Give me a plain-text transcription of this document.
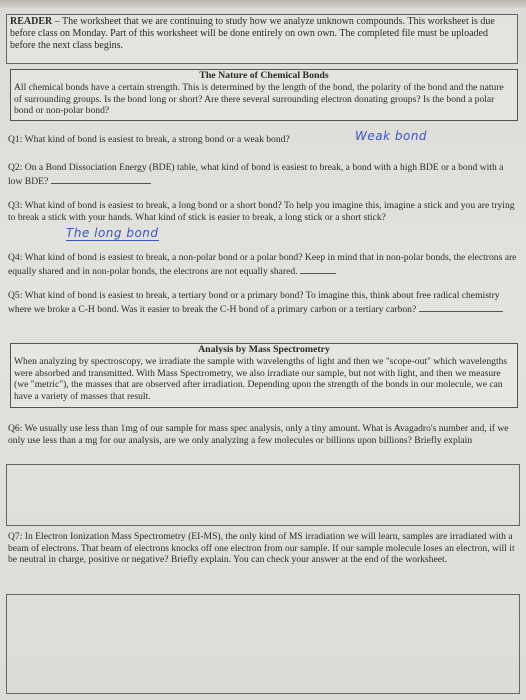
READER – The worksheet that we are continuing to study how we analyze unknown compounds. This worksheet is due before class on Monday. Part of this worksheet will be done entirely on own own. The completed file must be uploaded before the next class begins.
The Nature of Chemical Bonds
All chemical bonds have a certain strength. This is determined by the length of the bond, the polarity of the bond and the nature of surrounding groups. Is the bond long or short? Are there several surrounding electron donating groups? Is the bond a polar bond or non-polar bond?
Q1: What kind of bond is easiest to break, a strong bond or a weak bond?	Weak bond
Q2: On a Bond Dissociation Energy (BDE) table, what kind of bond is easiest to break, a bond with a high BDE or a bond with a low BDE?
Q3: What kind of bond is easiest to break, a long bond or a short bond? To help you imagine this, imagine a stick and you are trying to break a stick with your hands. What kind of stick is easier to break, a long stick or a short stick?
The long bond
Q4: What kind of bond is easiest to break, a non-polar bond or a polar bond? Keep in mind that in non-polar bonds, the electrons are equally shared and in non-polar bonds, the electrons are not equally shared.
Q5: What kind of bond is easiest to break, a tertiary bond or a primary bond? To imagine this, think about free radical chemistry where we broke a C-H bond. Was it easier to break the C-H bond of a primary carbon or a tertiary carbon?
Analysis by Mass Spectrometry
When analyzing by spectroscopy, we irradiate the sample with wavelengths of light and then we "scope-out" which wavelengths were absorbed and transmitted. With Mass Spectrometry, we also irradiate our sample, but not with light, and then we measure (we "metric"), the masses that are observed after irradiation. Depending upon the strength of the bonds in our molecule, we can have a variety of masses that result.
Q6: We usually use less than 1mg of our sample for mass spec analysis, only a tiny amount. What is Avagadro's number and, if we only use less than a mg for our analysis, are we only analyzing a few molecules or billions upon billions? Briefly explain
Q7: In Electron Ionization Mass Spectrometry (EI-MS), the only kind of MS irradiation we will learn, samples are irradiated with a beam of electrons. That beam of electrons knocks off one electron from our sample. If our sample molecule loses an electron, will it be neutral in charge, positive or negative? Briefly explain. You can check your answer at the end of the worksheet.
